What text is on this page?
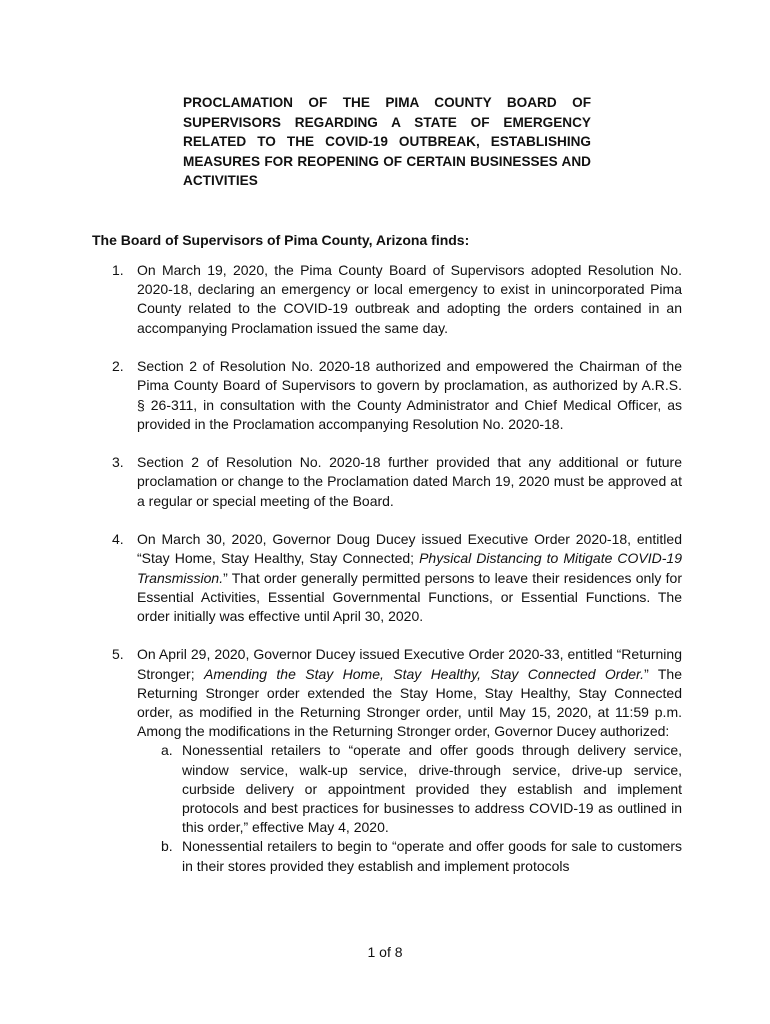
PROCLAMATION OF THE PIMA COUNTY BOARD OF SUPERVISORS REGARDING A STATE OF EMERGENCY RELATED TO THE COVID-19 OUTBREAK, ESTABLISHING MEASURES FOR REOPENING OF CERTAIN BUSINESSES AND ACTIVITIES

The Board of Supervisors of Pima County, Arizona finds:

1. On March 19, 2020, the Pima County Board of Supervisors adopted Resolution No. 2020-18, declaring an emergency or local emergency to exist in unincorporated Pima County related to the COVID-19 outbreak and adopting the orders contained in an accompanying Proclamation issued the same day.
2. Section 2 of Resolution No. 2020-18 authorized and empowered the Chairman of the Pima County Board of Supervisors to govern by proclamation, as authorized by A.R.S. § 26-311, in consultation with the County Administrator and Chief Medical Officer, as provided in the Proclamation accompanying Resolution No. 2020-18.
3. Section 2 of Resolution No. 2020-18 further provided that any additional or future proclamation or change to the Proclamation dated March 19, 2020 must be approved at a regular or special meeting of the Board.
4. On March 30, 2020, Governor Doug Ducey issued Executive Order 2020-18, entitled “Stay Home, Stay Healthy, Stay Connected; Physical Distancing to Mitigate COVID-19 Transmission.” That order generally permitted persons to leave their residences only for Essential Activities, Essential Governmental Functions, or Essential Functions. The order initially was effective until April 30, 2020.
5. On April 29, 2020, Governor Ducey issued Executive Order 2020-33, entitled “Returning Stronger; Amending the Stay Home, Stay Healthy, Stay Connected Order.” The Returning Stronger order extended the Stay Home, Stay Healthy, Stay Connected order, as modified in the Returning Stronger order, until May 15, 2020, at 11:59 p.m. Among the modifications in the Returning Stronger order, Governor Ducey authorized:
a. Nonessential retailers to “operate and offer goods through delivery service, window service, walk-up service, drive-through service, drive-up service, curbside delivery or appointment provided they establish and implement protocols and best practices for businesses to address COVID-19 as outlined in this order,” effective May 4, 2020.
b. Nonessential retailers to begin to “operate and offer goods for sale to customers in their stores provided they establish and implement protocols

1 of 8
